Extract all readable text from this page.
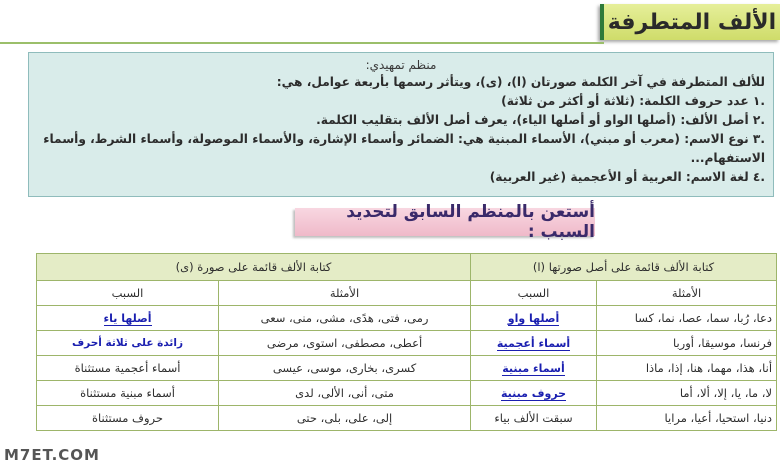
الألف المتطرفة
منظم تمهيدي:

للألف المتطرفة في آخر الكلمة صورتان (ا)، (ى)، ويتأثر رسمها بأربعة عوامل، هي:

.١ عدد حروف الكلمة: (ثلاثة أو أكثر من ثلاثة)

.٢ أصل الألف: (أصلها الواو أو أصلها الياء)، يعرف أصل الألف بتقليب الكلمة.

.٣ نوع الاسم: (معرب أو مبني)، الأسماء المبنية هي: الضمائر وأسماء الإشارة، والأسماء الموصولة، وأسماء الشرط، وأسماء الاستفهام...

.٤ لغة الاسم: العربية أو الأعجمية (غير العربية)

أستعن بالمنظم السابق لتحديد السبب :
كتابة الألف قائمة على أصل صورتها (ا)		كتابة الألف قائمة على صورة (ى)	
الأمثلة	السبب	الأمثلة	السبب
دعا، رُبا، سما، عصا، نما، كسا	أصلها واو	رمى، فتى، هدًى، مشى، منى، سعى	أصلها ياء
فرنسا، موسيقا، أوربا	أسماء أعجمية	أعطى، مصطفى، استوى، مرضى	زائدة على ثلاثة أحرف
أنا، هذا، مهما، هنا، إذا، ماذا	أسماء مبنية	كسرى، بخارى، موسى، عيسى	أسماء أعجمية مستثناة
لا، ما، يا، إلا، ألا، أما	حروف مبنية	متى، أنى، الألى، لدى	أسماء مبنية مستثناة
دنيا، استحيا، أعيا، مرايا	سبقت الألف بياء	إلى، على، بلى، حتى	حروف مستثناة
M7ET.COM
